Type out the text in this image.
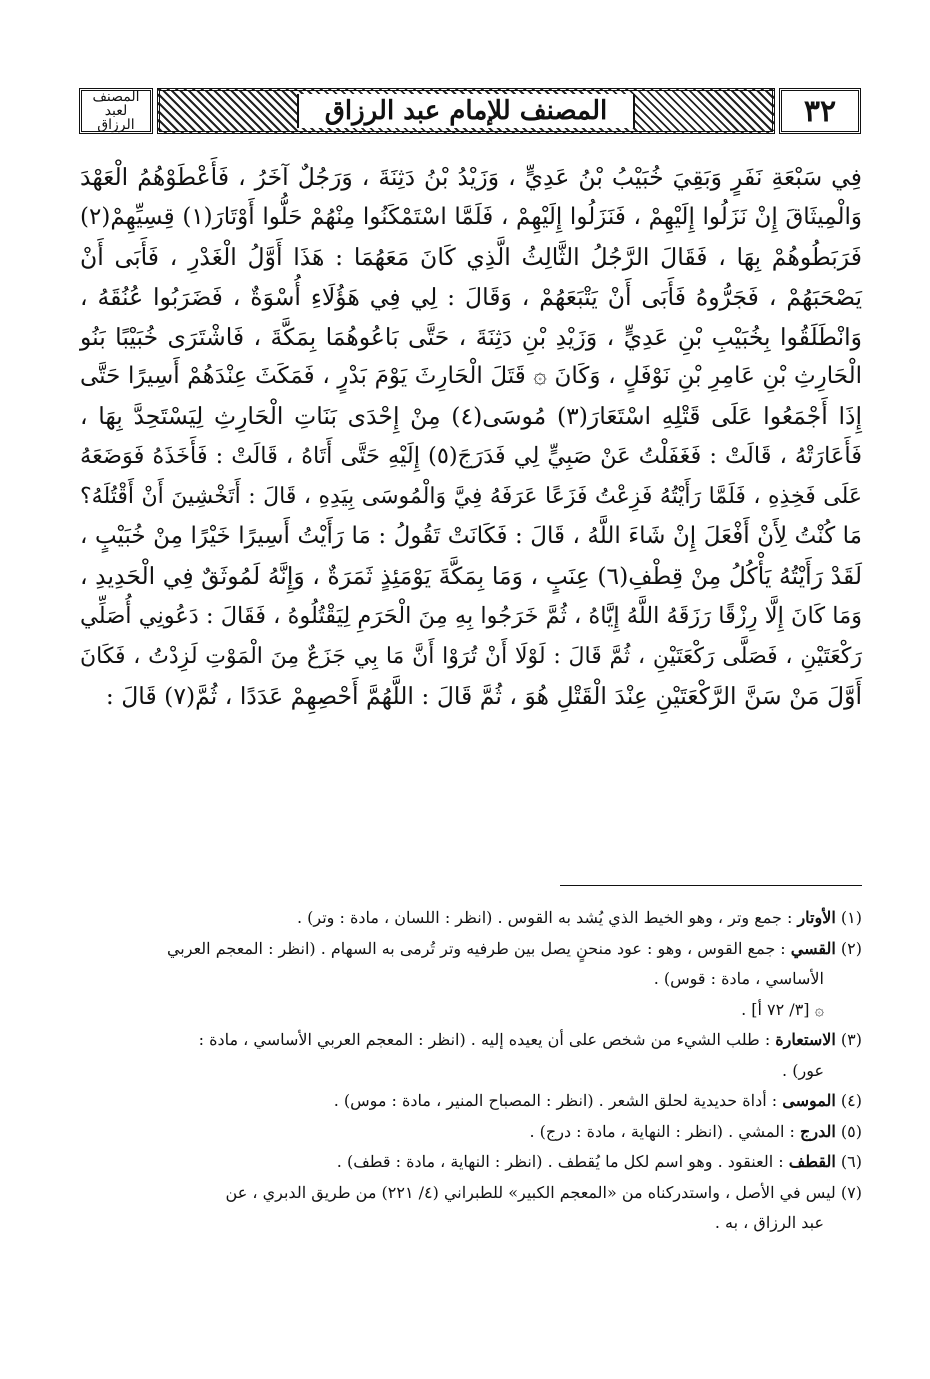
المصنف
لعبد الرزاق	المصنف للإمام عبد الرزاق	٣٢
فِي سَبْعَةِ نَفَرٍ وَبَقِيَ خُبَيْبُ بْنُ عَدِيٍّ ، وَزَيْدُ بْنُ دَثِنَةَ ، وَرَجُلٌ آخَرُ ، فَأَعْطَوْهُمُ الْعَهْدَ
وَالْمِيثَاقَ إِنْ نَزَلُوا إِلَيْهِمْ ، فَنَزَلُوا إِلَيْهِمْ ، فَلَمَّا اسْتَمْكَنُوا مِنْهُمْ حَلُّوا أَوْتَارَ(١) قِسِيِّهِمْ(٢)
فَرَبَطُوهُمْ بِهَا ، فَقَالَ الرَّجُلُ الثَّالِثُ الَّذِي كَانَ مَعَهُمَا : هَذَا أَوَّلُ الْغَدْرِ ، فَأَبَى أَنْ
يَصْحَبَهُمْ ، فَجَرُّوهُ فَأَبَى أَنْ يَتْبَعَهُمْ ، وَقَالَ : لِي فِي هَؤُلَاءِ أُسْوَةٌ ، فَضَرَبُوا عُنُقَهُ ،
وَانْطَلَقُوا بِخُبَيْبِ بْنِ عَدِيٍّ ، وَزَيْدِ بْنِ دَثِنَةَ ، حَتَّى بَاعُوهُمَا بِمَكَّةَ ، فَاشْتَرَى خُبَيْبًا بَنُو
الْحَارِثِ بْنِ عَامِرِ بْنِ نَوْفَلٍ ، وَكَانَ ۞ قَتَلَ الْحَارِثَ يَوْمَ بَدْرٍ ، فَمَكَثَ عِنْدَهُمْ أَسِيرًا حَتَّى
إِذَا أَجْمَعُوا عَلَى قَتْلِهِ اسْتَعَارَ(٣) مُوسَى(٤) مِنْ إِحْدَى بَنَاتِ الْحَارِثِ لِيَسْتَحِدَّ بِهَا ،
فَأَعَارَتْهُ ، قَالَتْ : فَغَفَلْتُ عَنْ صَبِيٍّ لِي فَدَرَجَ(٥) إِلَيْهِ حَتَّى أَتَاهُ ، قَالَتْ : فَأَخَذَهُ فَوَضَعَهُ
عَلَى فَخِذِهِ ، فَلَمَّا رَأَيْتُهُ فَزِعْتُ فَزَعًا عَرَفَهُ فِيَّ وَالْمُوسَى بِيَدِهِ ، قَالَ : أَتَخْشِينَ أَنْ أَقْتُلَهُ؟
مَا كُنْتُ لِأَنْ أَفْعَلَ إِنْ شَاءَ اللَّهُ ، قَالَ : فَكَانَتْ تَقُولُ : مَا رَأَيْتُ أَسِيرًا خَيْرًا مِنْ خُبَيْبٍ ،
لَقَدْ رَأَيْتُهُ يَأْكُلُ مِنْ قِطْفِ(٦) عِنَبٍ ، وَمَا بِمَكَّةَ يَوْمَئِذٍ ثَمَرَةٌ ، وَإِنَّهُ لَمُوثَقٌ فِي الْحَدِيدِ ،
وَمَا كَانَ إِلَّا رِزْقًا رَزَقَهُ اللَّهُ إِيَّاهُ ، ثُمَّ خَرَجُوا بِهِ مِنَ الْحَرَمِ لِيَقْتُلُوهُ ، فَقَالَ : دَعُونِي أُصَلِّي
رَكْعَتَيْنِ ، فَصَلَّى رَكْعَتَيْنِ ، ثُمَّ قَالَ : لَوْلَا أَنْ تُرَوْا أَنَّ مَا بِي جَزَعٌ مِنَ الْمَوْتِ لَزِدْتُ ، فَكَانَ
أَوَّلَ مَنْ سَنَّ الرَّكْعَتَيْنِ عِنْدَ الْقَتْلِ هُوَ ، ثُمَّ قَالَ : اللَّهُمَّ أَحْصِهِمْ عَدَدًا ، ثُمَّ(٧) قَالَ :
(١) الأوتار : جمع وتر ، وهو الخيط الذي يُشد به القوس . (انظر : اللسان ، مادة : وتر) .
(٢) القسي : جمع القوس ، وهو : عود منحنٍ يصل بين طرفيه وتر تُرمى به السهام . (انظر : المعجم العربي
الأساسي ، مادة : قوس) .
۞ [٣/ ٧٢ أ] .
(٣) الاستعارة : طلب الشيء من شخص على أن يعيده إليه . (انظر : المعجم العربي الأساسي ، مادة :
عور) .
(٤) الموسى : أداة حديدية لحلق الشعر . (انظر : المصباح المنير ، مادة : موس) .
(٥) الدرج : المشي . (انظر : النهاية ، مادة : درج) .
(٦) القطف : العنقود . وهو اسم لكل ما يُقطف . (انظر : النهاية ، مادة : قطف) .
(٧) ليس في الأصل ، واستدركناه من «المعجم الكبير» للطبراني (٤/ ٢٢١) من طريق الدبري ، عن
عبد الرزاق ، به .
